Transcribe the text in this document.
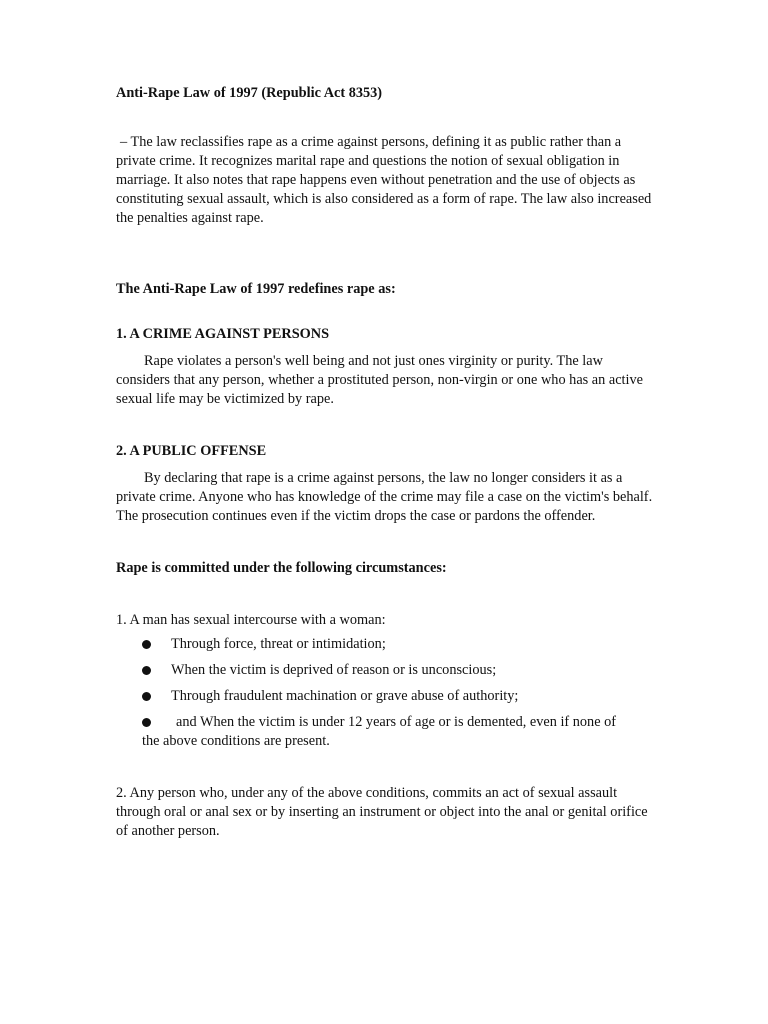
Anti-Rape Law of 1997 (Republic Act 8353)

– The law reclassifies rape as a crime against persons, defining it as public rather than a private crime. It recognizes marital rape and questions the notion of sexual obligation in marriage. It also notes that rape happens even without penetration and the use of objects as constituting sexual assault, which is also considered as a form of rape. The law also increased the penalties against rape.

The Anti-Rape Law of 1997 redefines rape as:

1. A CRIME AGAINST PERSONS

Rape violates a person's well being and not just ones virginity or purity. The law considers that any person, whether a prostituted person, non-virgin or one who has an active sexual life may be victimized by rape.

2. A PUBLIC OFFENSE

By declaring that rape is a crime against persons, the law no longer considers it as a private crime. Anyone who has knowledge of the crime may file a case on the victim's behalf. The prosecution continues even if the victim drops the case or pardons the offender.

Rape is committed under the following circumstances:

1. A man has sexual intercourse with a woman:

Through force, threat or intimidation;
When the victim is deprived of reason or is unconscious;
Through fraudulent machination or grave abuse of authority;
and When the victim is under 12 years of age or is demented, even if none of
the above conditions are present.

2. Any person who, under any of the above conditions, commits an act of sexual assault through oral or anal sex or by inserting an instrument or object into the anal or genital orifice of another person.
